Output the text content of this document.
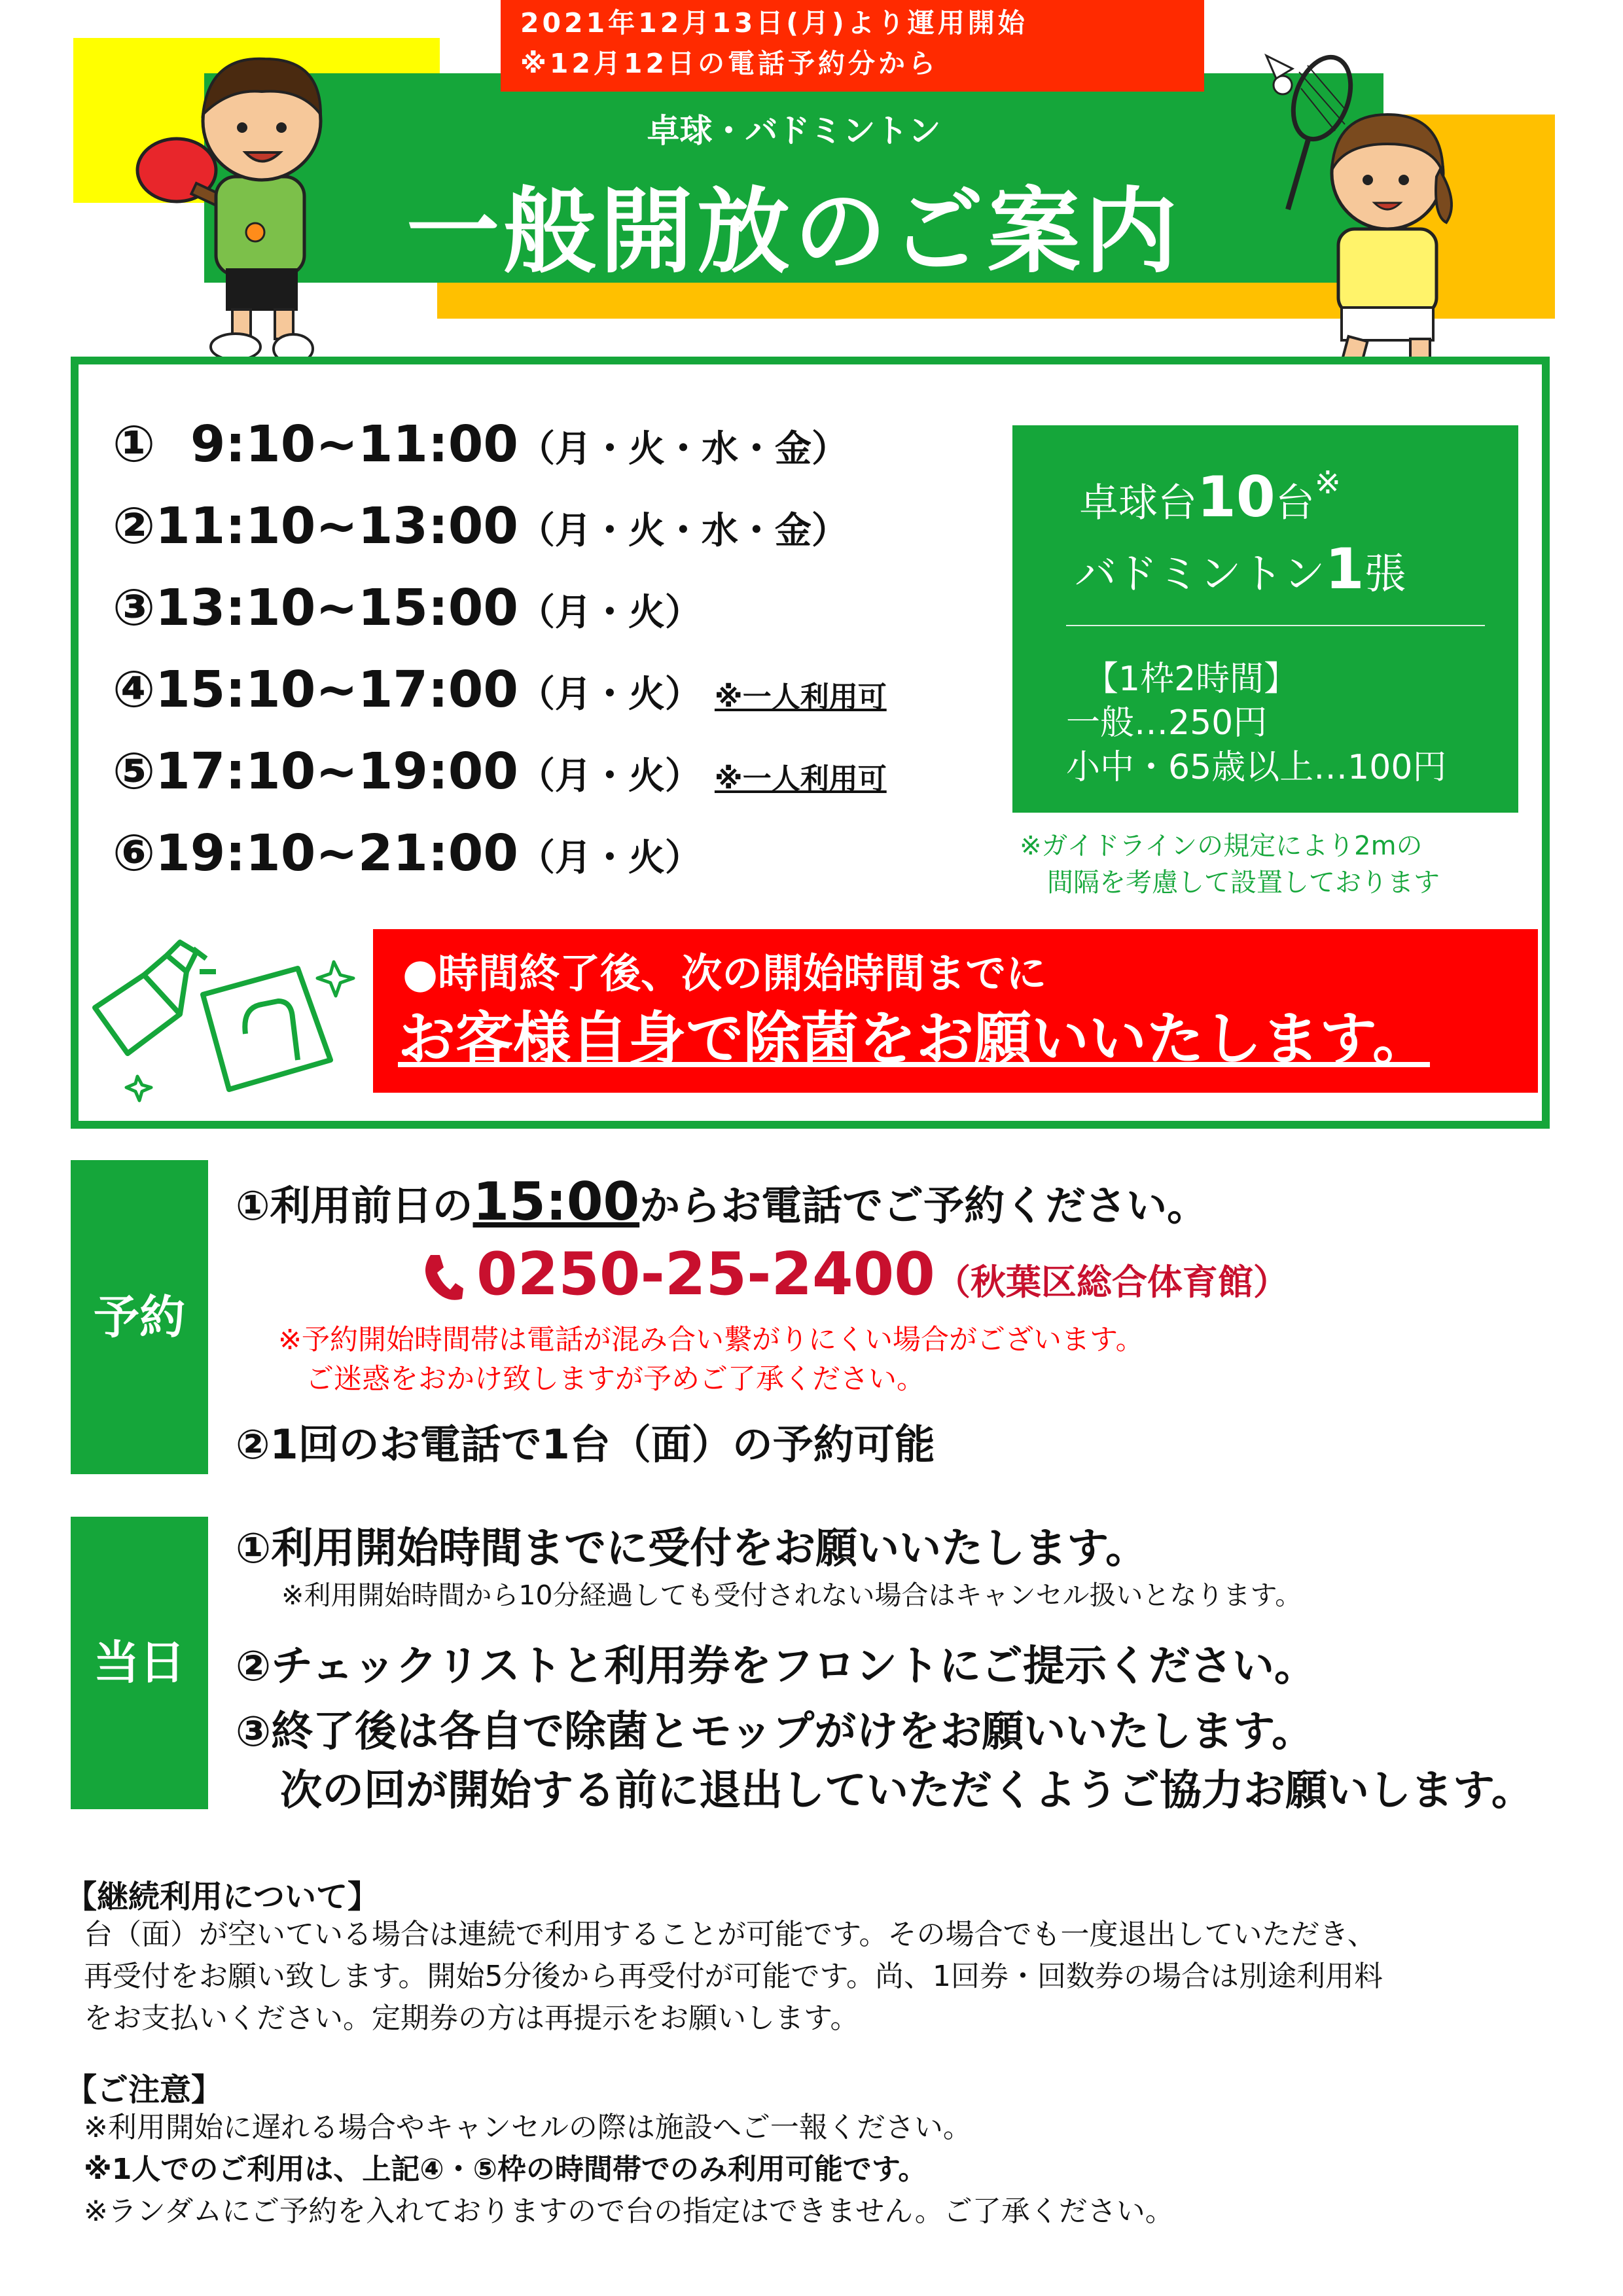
2021年12月13日(月)より運用開始
※12月12日の電話予約分から
卓球・バドミントン
一般開放のご案内
①  9:10~11:00（月・火・水・金）
②11:10~13:00（月・火・水・金）
③13:10~15:00（月・火）
④15:10~17:00（月・火） ※一人利用可
⑤17:10~19:00（月・火） ※一人利用可
⑥19:10~21:00（月・火）
卓球台10台※
バドミントン1張
【1枠2時間】
一般…250円
小中・65歳以上…100円
※ガイドラインの規定により2mの
間隔を考慮して設置しております
●時間終了後、次の開始時間までに
お客様自身で除菌をお願いいたします。
予約
①利用前日の15:00からお電話でご予約ください。
0250-25-2400（秋葉区総合体育館）
※予約開始時間帯は電話が混み合い繋がりにくい場合がございます。
ご迷惑をおかけ致しますが予めご了承ください。
②1回のお電話で1台（面）の予約可能
当日
①利用開始時間までに受付をお願いいたします。
※利用開始時間から10分経過しても受付されない場合はキャンセル扱いとなります。
②チェックリストと利用券をフロントにご提示ください。
③終了後は各自で除菌とモップがけをお願いいたします。
次の回が開始する前に退出していただくようご協力お願いします。
【継続利用について】
台（面）が空いている場合は連続で利用することが可能です。その場合でも一度退出していただき、
再受付をお願い致します。開始5分後から再受付が可能です。尚、1回券・回数券の場合は別途利用料
をお支払いください。定期券の方は再提示をお願いします。
【ご注意】
※利用開始に遅れる場合やキャンセルの際は施設へご一報ください。
※1人でのご利用は、上記④・⑤枠の時間帯でのみ利用可能です。
※ランダムにご予約を入れておりますので台の指定はできません。ご了承ください。
